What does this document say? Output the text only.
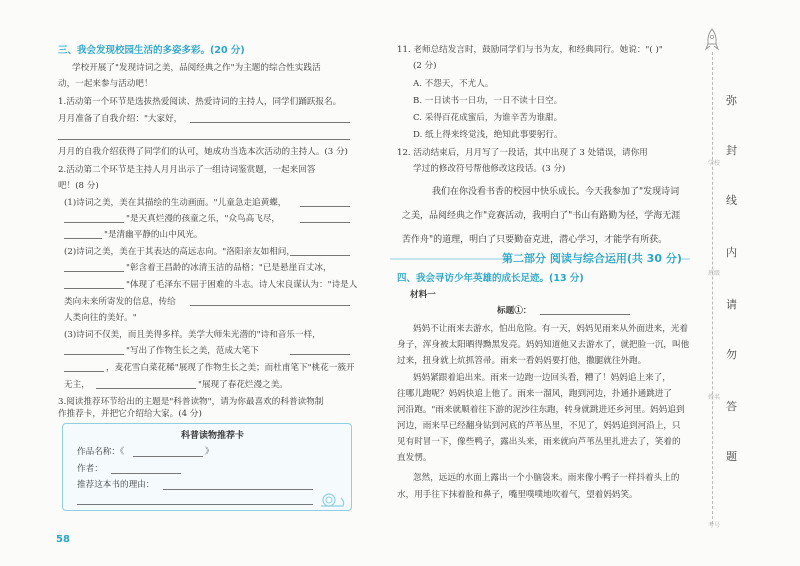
三、我会发现校园生活的多姿多彩。(20 分)
学校开展了"发现诗词之美，品阅经典之作"为主题的综合性实践活
动，一起来参与活动吧！
1.活动第一个环节是选拔热爱阅读、热爱诗词的主持人，同学们踊跃报名。
月月准备了自我介绍："大家好，
月月的自我介绍获得了同学们的认可，她成功当选本次活动的主持人。(3 分)
2.活动第二个环节是主持人月月出示了一组诗词鉴赏题，一起来回答
吧！(8 分)
(1)诗词之美，美在其描绘的生动画面。"儿童急走追黄蝶，
"是天真烂漫的孩童之乐，"众鸟高飞尽，
"是清幽平静的山中风光。
(2)诗词之美，美在于其表达的高远志向。"洛阳亲友如相问，
"彰含着王昌龄的冰清玉洁的品格；"已是悬崖百丈冰，
"体现了毛泽东不屈于困难的斗志。诗人宋良谋认为："诗是人
类向未来所寄发的信息，传给
人类向往的美好。"
(3)诗词不仅美，而且美得多样。美学大师朱光潜的"诗和音乐一样，
"写出了作物生长之美，范成大笔下
，麦花雪白菜花稀"展现了作物生长之美；而杜甫笔下"桃花一簇开
无主，	"展现了春花烂漫之美。
3.阅读推荐环节给出的主题是"科普读物"，请为你最喜欢的科普读物制
作推荐卡，并把它介绍给大家。(4 分)
科普读物推荐卡
作品名称：《	》
作者：
推荐这本书的理由：
58
11. 老师总结发言时，鼓励同学们与书为友，和经典同行。她说："( )"
(2 分)
A. 不怨天，不尤人。
B. 一日读书一日功，一日不读十日空。
C. 采得百花成蜜后，为谁辛苦为谁甜。
D. 纸上得来终觉浅，绝知此事要躬行。
12. 活动结束后，月月写了一段话，其中出现了 3 处错误，请你用
学过的修改符号帮他修改这段话。(3 分)
我们在你没看书香的校园中快乐成长。今天我参加了"发现诗词
之美，品阅经典之作"竞赛活动，我明白了"书山有路勤为径，学海无涯
苦作舟"的道理，明白了只要勤奋克进，潜心学习，才能学有所获。
第二部分 阅读与综合运用(共 30 分)
四、我会寻访少年英雄的成长足迹。(13 分)
材料一
标题①：
妈妈不让雨来去游水，怕出危险。有一天，妈妈见雨来从外面进来，光着
身子，浑身被太阳晒得黝黑发亮。妈妈知道他又去游水了，就把脸一沉，叫他
过来，扭身就上炕抓笤帚。雨来一看妈妈要打他，撒腿就往外跑。
妈妈紧跟着追出来。雨来一边跑一边回头看，糟了！妈妈追上来了，
往哪儿跑呢？妈妈快追上他了。雨来一溜风，跑到河边，扑通扑通跳进了
河沿跑。"雨来就顺着往下游的泥沙往东跑，转身就跳进还乡河里。妈妈追到
河边，雨来早已经翻身钻到河底的芦苇丛里，不见了，妈妈追到河沿上，只
见有时冒一下，像些鸭子，露出头来，雨来就向芦苇丛里扎进去了，笑着的
直发愣。
忽然，远远的水面上露出一个小脑袋来。雨来像小鸭子一样抖着头上的
水，用手往下抹着脸和鼻子，嘴里噗噗地吹着气，望着妈妈笑。
弥
封
线
内
请
勿
答
题
学校
班级
姓名
考号
